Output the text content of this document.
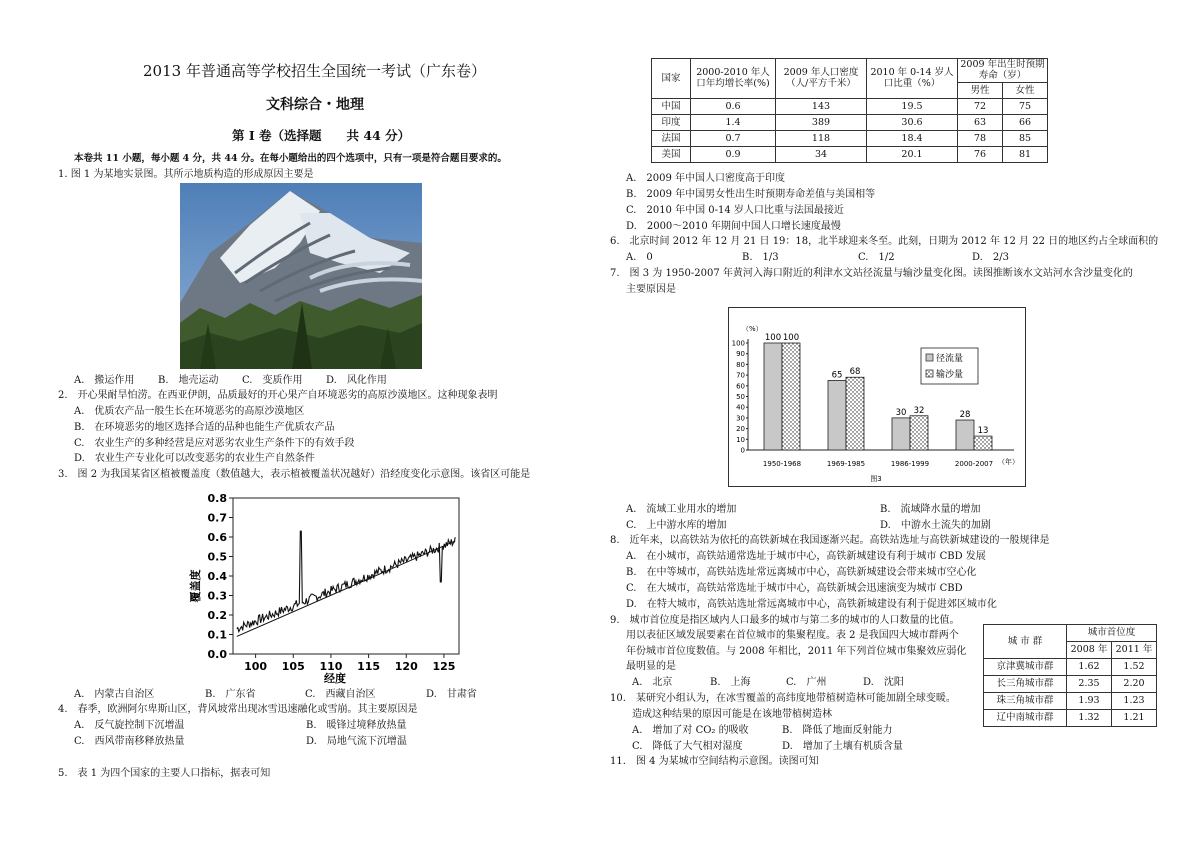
2013 年普通高等学校招生全国统一考试（广东卷）
文科综合・地理
第 I 卷（选择题　　共 44 分）
本卷共 11 小题，每小题 4 分，共 44 分。在每小题给出的四个选项中，只有一项是符合题目要求的。
1. 图 1 为某地实景图。其所示地质构造的形成原因主要是
A.　搬运作用 B.　地壳运动 C.　变质作用 D.　风化作用
2.　开心果耐旱怕涝。在西亚伊朗，品质最好的开心果产自环境恶劣的高原沙漠地区。这种现象表明
A.　优质农产品一般生长在环境恶劣的高原沙漠地区
B.　在环境恶劣的地区选择合适的品种也能生产优质农产品
C.　农业生产的多种经营是应对恶劣农业生产条件下的有效手段
D.　农业生产专业化可以改变恶劣的农业生产自然条件
3.　图 2 为我国某省区植被覆盖度（数值越大，表示植被覆盖状况越好）沿经度变化示意图。该省区可能是
0.0
0.1
0.2
0.3
0.4
0.5
0.6
0.7
0.8
100 105 110 115 120 125
覆盖度
经度
A.　内蒙古自治区	B.　广东省	C.　西藏自治区	D.　甘肃省
4.　春季，欧洲阿尔卑斯山区，背风坡常出现冰雪迅速融化或雪崩。其主要原因是
A.　反气旋控制下沉增温	B.　暖锋过境释放热量
C.　西风带南移释放热量	D.　局地气流下沉增温
5.　表 1 为四个国家的主要人口指标，据表可知
国家	2000-2010 年人口年均增长率(%)	2009 年人口密度（人/平方千米）	2010 年 0-14 岁人口比重（%）	2009 年出生时预期寿命（岁）	
				男性	女性
中国	0.6	143	19.5	72	75
印度	1.4	389	30.6	63	66
法国	0.7	118	18.4	78	85
美国	0.9	34	20.1	76	81
A.　2009 年中国人口密度高于印度
B.　2009 年中国男女性出生时预期寿命差值与美国相等
C.　2010 年中国 0-14 岁人口比重与法国最接近
D.　2000～2010 年期间中国人口增长速度最慢
6.　北京时间 2012 年 12 月 21 日 19：18，北半球迎来冬至。此刻，日期为 2012 年 12 月 22 日的地区约占全球面积的
A.　0	B.　1/3	C.　1/2	D.　2/3
7.　图 3 为 1950-2007 年黄河入海口附近的利津水文站径流量与输沙量变化图。读图推断该水文站河水含沙量变化的
主要原因是
（%）
0
10
20
30
40
50
60
70
80
90
100
1950-1968	1969-1985	1986-1999	2000-2007 （年）
图3
100 100
65 68
30 32	28
13
径流量
输沙量
A.　流域工业用水的增加	B.　流域降水量的增加
C.　上中游水库的增加	D.　中游水土流失的加剧
8.　近年来，以高铁站为依托的高铁新城在我国逐渐兴起。高铁站选址与高铁新城建设的一般规律是
A.　在小城市，高铁站通常选址于城市中心，高铁新城建设有利于城市 CBD 发展
B.　在中等城市，高铁站选址常远离城市中心，高铁新城建设会带来城市空心化
C.　在大城市，高铁站常选址于城市中心，高铁新城会迅速演变为城市 CBD
D.　在特大城市，高铁站选址常远离城市中心，高铁新城建设有利于促进郊区城市化
9.　城市首位度是指区域内人口最多的城市与第二多的城市的人口数量的比值。
用以表征区域发展要素在首位城市的集聚程度。表 2 是我国四大城市群两个
年份城市首位度数值。与 2008 年相比，2011 年下列首位城市集聚效应弱化
最明显的是
A.　北京	B.　上海	C.　广州	D.　沈阳
城 市 群	城市首位度	
	2008 年	2011 年
京津冀城市群	1.62	1.52
长三角城市群	2.35	2.20
珠三角城市群	1.93	1.23
辽中南城市群	1.32	1.21
10.　某研究小组认为，在冰雪覆盖的高纬度地带植树造林可能加剧全球变暖。
造成这种结果的原因可能是在该地带植树造林
A.　增加了对 CO₂ 的吸收	B.　降低了地面反射能力
C.　降低了大气相对湿度	D.　增加了土壤有机质含量
11.　图 4 为某城市空间结构示意图。读图可知
